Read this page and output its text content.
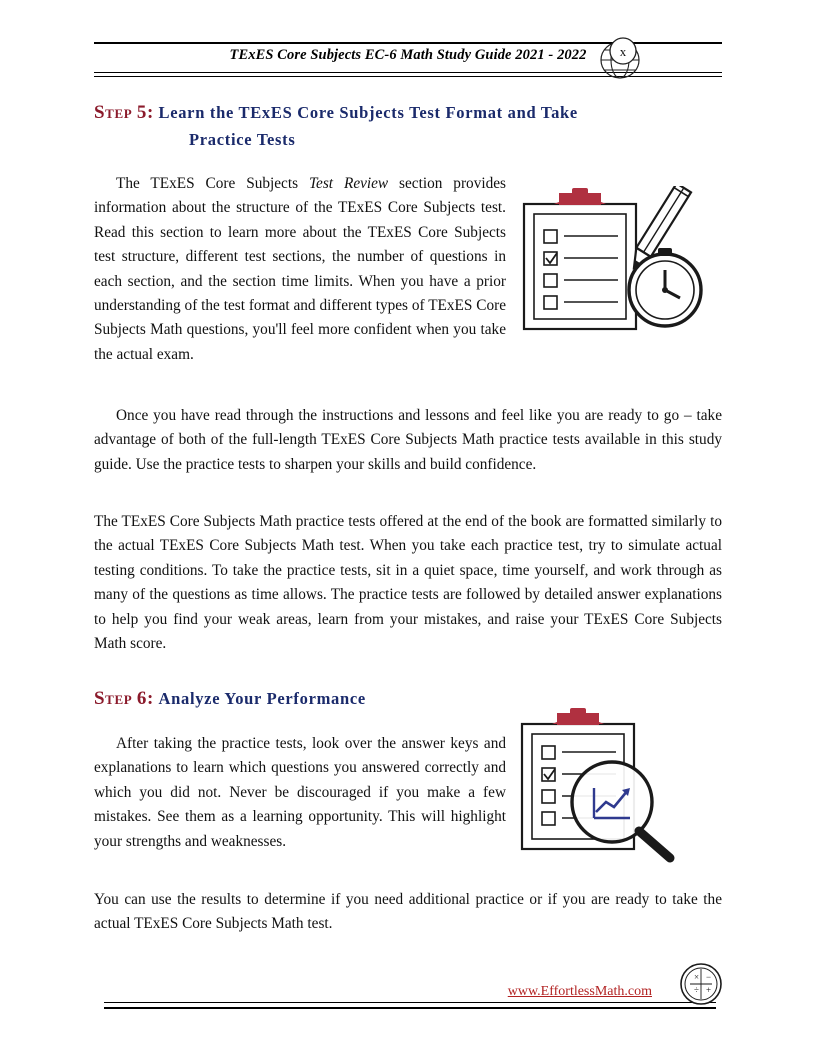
TExES Core Subjects EC-6 Math Study Guide 2021 - 2022	x
Step 5: Learn the TExES Core Subjects Test Format and Take
Practice Tests
The TExES Core Subjects Test Review section provides information about the structure of the TExES Core Subjects test. Read this section to learn more about the TExES Core Subjects test structure, different test sections, the number of questions in each section, and the section time limits. When you have a prior understanding of the test format and different types of TExES Core Subjects Math questions, you'll feel more confident when you take the actual exam.
Once you have read through the instructions and lessons and feel like you are ready to go – take advantage of both of the full-length TExES Core Subjects Math practice tests available in this study guide. Use the practice tests to sharpen your skills and build confidence.
The TExES Core Subjects Math practice tests offered at the end of the book are formatted similarly to the actual TExES Core Subjects Math test. When you take each practice test, try to simulate actual testing conditions. To take the practice tests, sit in a quiet space, time yourself, and work through as many of the questions as time allows. The practice tests are followed by detailed answer explanations to help you find your weak areas, learn from your mistakes, and raise your TExES Core Subjects Math score.
Step 6: Analyze Your Performance
After taking the practice tests, look over the answer keys and explanations to learn which questions you answered correctly and which you did not. Never be discouraged if you make a few mistakes. See them as a learning opportunity. This will highlight your strengths and weaknesses.
You can use the results to determine if you need additional practice or if you are ready to take the actual TExES Core Subjects Math test.
www.EffortlessMath.com
× −
÷ +
